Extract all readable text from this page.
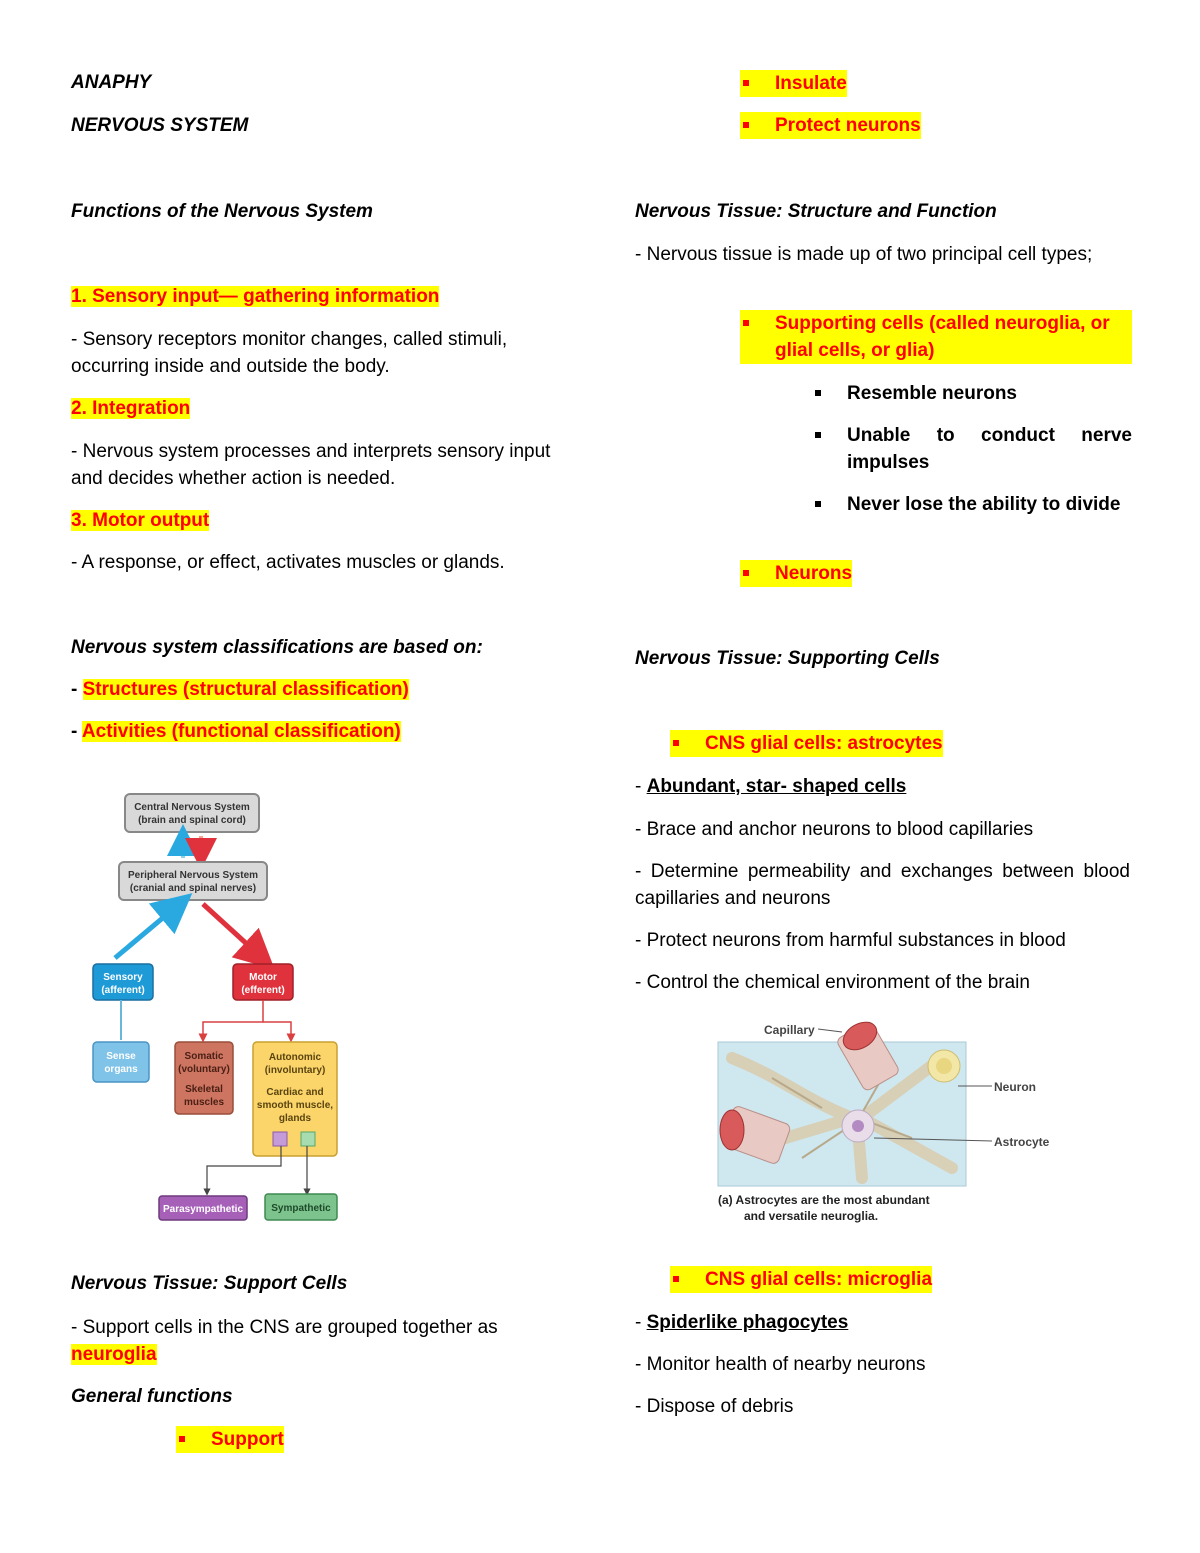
ANAPHY
NERVOUS SYSTEM
Functions of the Nervous System
1. Sensory input— gathering information
- Sensory receptors monitor changes, called stimuli, occurring inside and outside the body.
2. Integration
- Nervous system processes and interprets sensory input and decides whether action is needed.
3. Motor output
- A response, or effect, activates muscles or glands.
Nervous system classifications are based on:
- Structures (structural classification)
- Activities (functional classification)
Central Nervous System
(brain and spinal cord)
Peripheral Nervous System
(cranial and spinal nerves)
Sensory
(afferent)
Motor
(efferent)
Sense
organs
Somatic
(voluntary)
Skeletal
muscles
Autonomic
(involuntary)
Cardiac and
smooth muscle,
glands
Parasympathetic	Sympathetic
Nervous Tissue: Support Cells
- Support cells in the CNS are grouped together as neuroglia
General functions
Support
Insulate
Protect neurons
Nervous Tissue: Structure and Function
- Nervous tissue is made up of two principal cell types;
Supporting cells (called neuroglia, or glial cells, or glia)
Resemble neurons
Unable to conduct nerve impulses
Never lose the ability to divide
Neurons
Nervous Tissue: Supporting Cells
CNS glial cells: astrocytes
- Abundant, star- shaped cells
- Brace and anchor neurons to blood capillaries
- Determine permeability and exchanges between blood capillaries and neurons
- Protect neurons from harmful substances in blood
- Control the chemical environment of the brain
Capillary
Neuron
Astrocyte
(a) Astrocytes are the most abundant
and versatile neuroglia.
CNS glial cells: microglia
- Spiderlike phagocytes
- Monitor health of nearby neurons
- Dispose of debris
